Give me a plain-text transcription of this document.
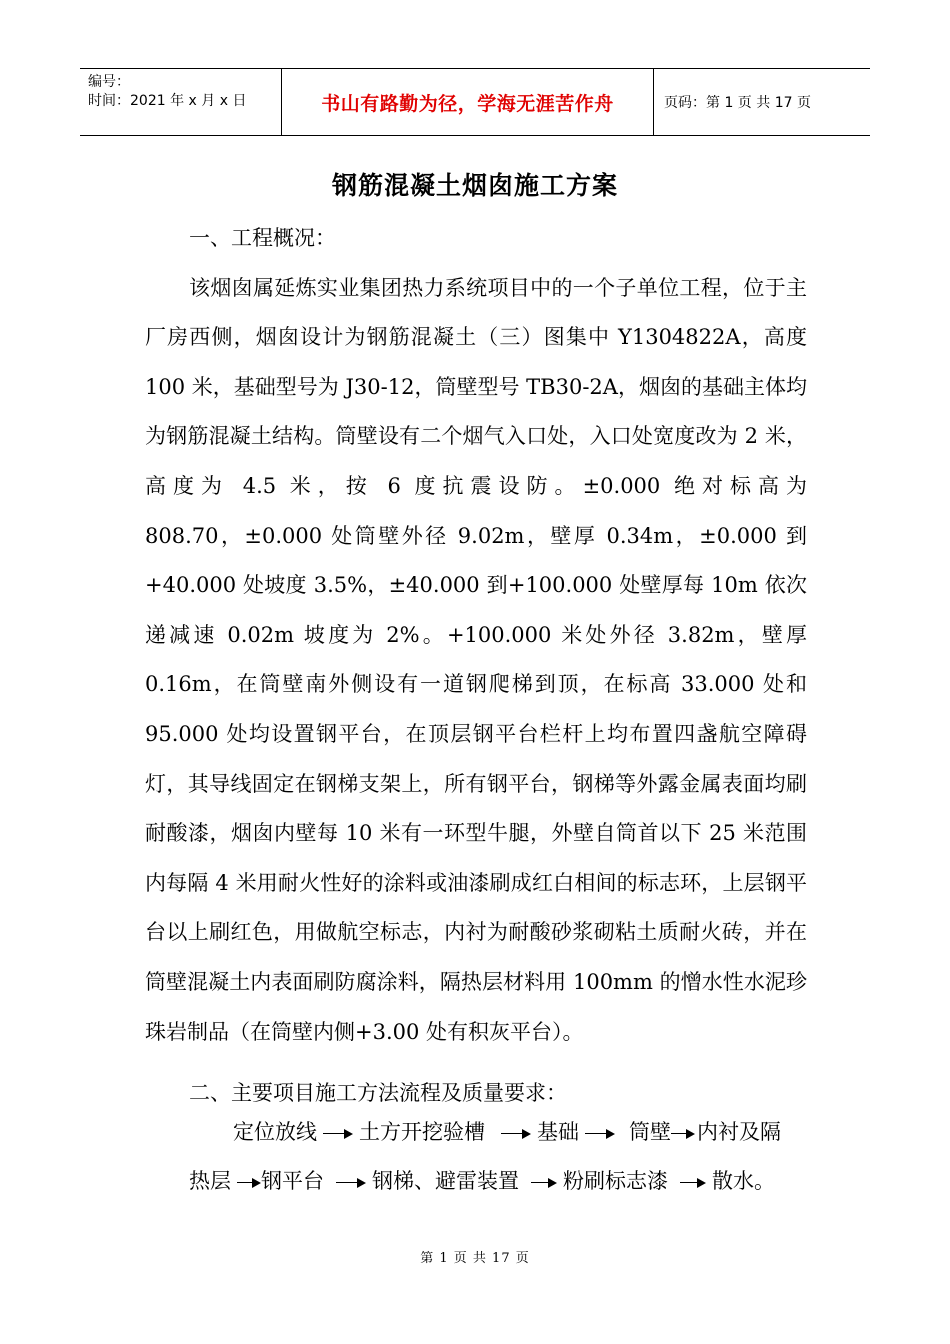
编号：
时间：2021 年 x 月 x 日	书山有路勤为径，学海无涯苦作舟	页码：第 1 页 共 17 页
钢筋混凝土烟囱施工方案

一、工程概况：

该烟囱属延炼实业集团热力系统项目中的一个子单位工程，位于主厂房西侧，烟囱设计为钢筋混凝土（三）图集中 Y1304822A，高度 100 米，基础型号为 J30-12，筒壁型号 TB30-2A，烟囱的基础主体均为钢筋混凝土结构。筒壁设有二个烟气入口处，入口处宽度改为 2 米，高度为 4.5 米，按 6 度抗震设防。±0.000 绝对标高为 808.70，±0.000 处筒壁外径 9.02m，壁厚 0.34m，±0.000 到+40.000 处坡度 3.5%，±40.000 到+100.000 处壁厚每 10m 依次递减速 0.02m 坡度为 2%。+100.000 米处外径 3.82m，壁厚 0.16m，在筒壁南外侧设有一道钢爬梯到顶，在标高 33.000 处和 95.000 处均设置钢平台，在顶层钢平台栏杆上均布置四盏航空障碍灯，其导线固定在钢梯支架上，所有钢平台，钢梯等外露金属表面均刷耐酸漆，烟囱内壁每 10 米有一环型牛腿，外壁自筒首以下 25 米范围内每隔 4 米用耐火性好的涂料或油漆刷成红白相间的标志环，上层钢平台以上刷红色，用做航空标志，内衬为耐酸砂浆砌粘土质耐火砖，并在筒壁混凝土内表面刷防腐涂料，隔热层材料用 100mm 的憎水性水泥珍珠岩制品（在筒壁内侧+3.00 处有积灰平台）。

二、主要项目施工方法流程及质量要求：

定位放线 土方开挖验槽 基础 筒壁 内衬及隔
热层 钢平台 钢梯、避雷装置 粉刷标志漆 散水。
第 1 页 共 17 页
